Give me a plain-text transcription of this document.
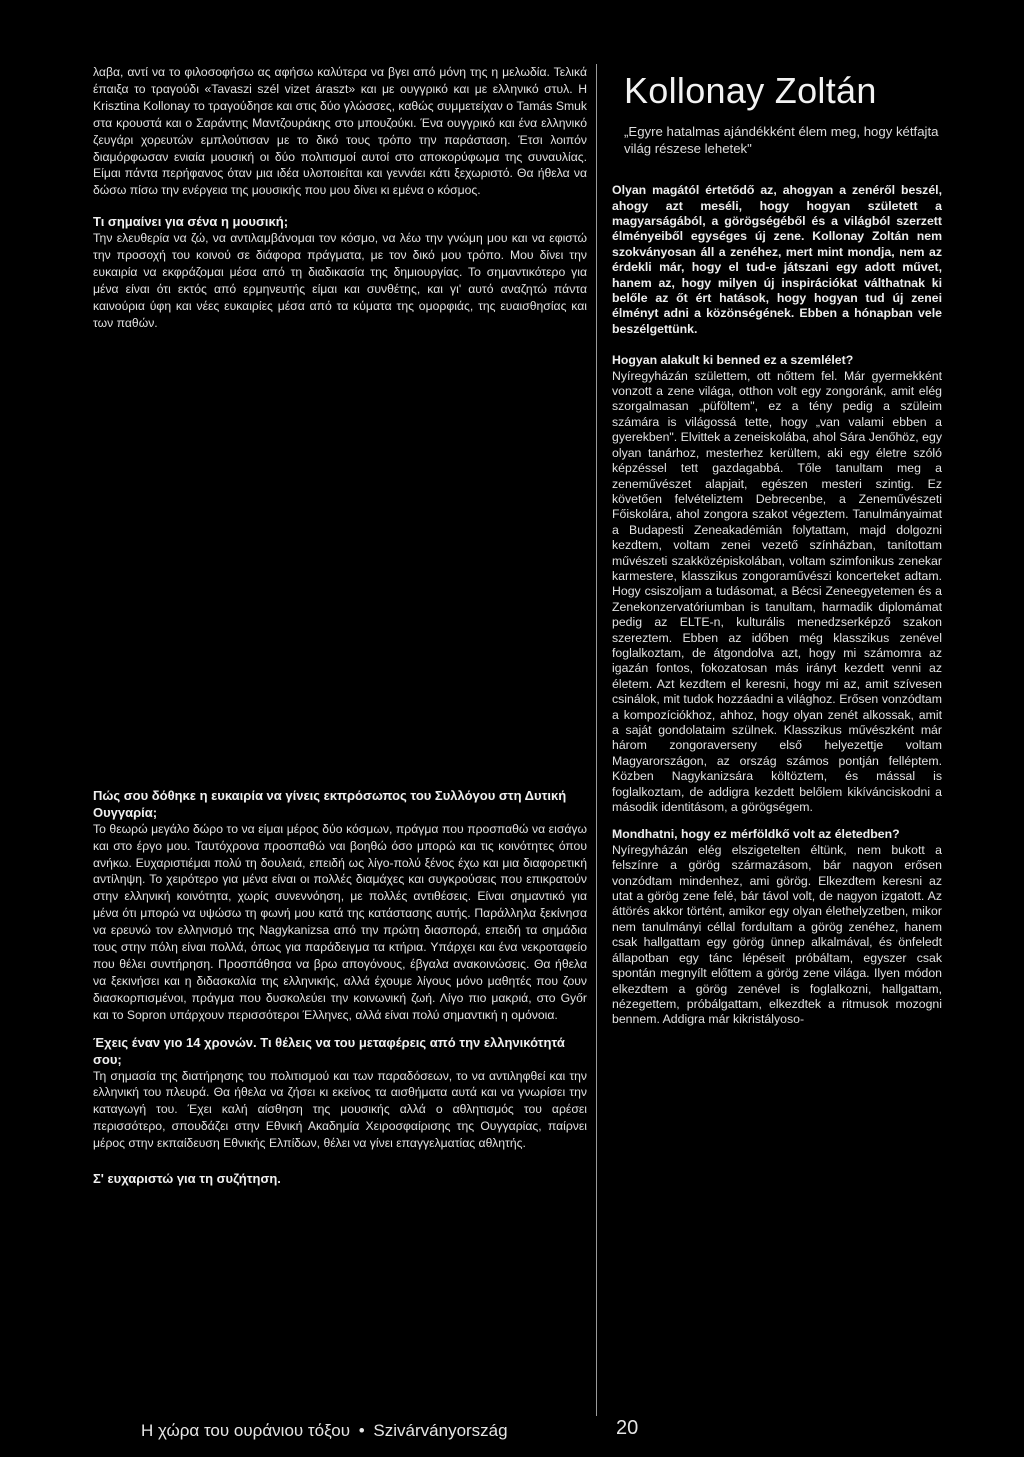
λαβα, αντί να το φιλοσοφήσω ας αφήσω καλύτερα να βγει από μόνη της η μελωδία. Τελικά έπαιξα το τραγούδι «Tavaszi szél vizet áraszt» και με ουγγρικό και με ελληνικό στυλ. Η Krisztina Kollonay το τραγούδησε και στις δύο γλώσσες, καθώς συμμετείχαν ο Tamás Smuk στα κρουστά και ο Σαράντης Μαντζουράκης στο μπουζούκι. Ένα ουγγρικό και ένα ελληνικό ζευγάρι χορευτών εμπλούτισαν με το δικό τους τρόπο την παράσταση. Έτσι λοιπόν διαμόρφωσαν ενιαία μουσική οι δύο πολιτισμοί αυτοί στο αποκορύφωμα της συναυλίας. Είμαι πάντα περήφανος όταν μια ιδέα υλοποιείται και γεννάει κάτι ξεχωριστό. Θα ήθελα να δώσω πίσω την ενέργεια της μουσικής που μου δίνει κι εμένα ο κόσμος.

Τι σημαίνει για σένα η μουσική;

Την ελευθερία να ζώ, να αντιλαμβάνομαι τον κόσμο, να λέω την γνώμη μου και να εφιστώ την προσοχή του κοινού σε διάφορα πράγματα, με τον δικό μου τρόπο. Μου δίνει την ευκαιρία να εκφράζομαι μέσα από τη διαδικασία της δημιουργίας. Το σημαντικότερο για μένα είναι ότι εκτός από ερμηνευτής είμαι και συνθέτης, και γι' αυτό αναζητώ πάντα καινούρια ύφη και νέες ευκαιρίες μέσα από τα κύματα της ομορφιάς, της ευαισθησίας και των παθών.

Πώς σου δόθηκε η ευκαιρία να γίνεις εκπρόσωπος του Συλλόγου στη Δυτική Ουγγαρία;

Το θεωρώ μεγάλο δώρο το να είμαι μέρος δύο κόσμων, πράγμα που προσπαθώ να εισάγω και στο έργο μου. Ταυτόχρονα προσπαθώ ναι βοηθώ όσο μπορώ και τις κοινότητες όπου ανήκω. Ευχαριστιέμαι πολύ τη δουλειά, επειδή ως λίγο-πολύ ξένος έχω και μια διαφορετική αντίληψη. Το χειρότερο για μένα είναι οι πολλές διαμάχες και συγκρούσεις που επικρατούν στην ελληνική κοινότητα, χωρίς συνεννόηση, με πολλές αντιθέσεις. Είναι σημαντικό για μένα ότι μπορώ να υψώσω τη φωνή μου κατά της κατάστασης αυτής. Παράλληλα ξεκίνησα να ερευνώ τον ελληνισμό της Nagykanizsa από την πρώτη διασπορά, επειδή τα σημάδια τους στην πόλη είναι πολλά, όπως για παράδειγμα τα κτήρια. Υπάρχει και ένα νεκροταφείο που θέλει συντήρηση. Προσπάθησα να βρω απογόνους, έβγαλα ανακοινώσεις. Θα ήθελα να ξεκινήσει και η διδασκαλία της ελληνικής, αλλά έχουμε λίγους μόνο μαθητές που ζουν διασκορπισμένοι, πράγμα που δυσκολεύει την κοινωνική ζωή. Λίγο πιο μακριά, στο Győr και το Sopron υπάρχουν περισσότεροι Έλληνες, αλλά είναι πολύ σημαντική η ομόνοια.

Έχεις έναν γιο 14 χρονών. Τι θέλεις να του μεταφέρεις από την ελληνικότητά σου;

Τη σημασία της διατήρησης του πολιτισμού και των παραδόσεων, το να αντιληφθεί και την ελληνική του πλευρά. Θα ήθελα να ζήσει κι εκείνος τα αισθήματα αυτά και να γνωρίσει την καταγωγή του. Έχει καλή αίσθηση της μουσικής αλλά ο αθλητισμός του αρέσει περισσότερο, σπουδάζει στην Εθνική Ακαδημία Χειροσφαίρισης της Ουγγαρίας, παίρνει μέρος στην εκπαίδευση Εθνικής Ελπίδων, θέλει να γίνει επαγγελματίας αθλητής.

Σ' ευχαριστώ για τη συζήτηση.
Kollonay Zoltán
„Egyre hatalmas ajándékként élem meg, hogy kétfajta világ részese lehetek"

Olyan magától értetődő az, ahogyan a zenéről beszél, ahogy azt meséli, hogy hogyan született a magyarságából, a görögségéből és a világból szerzett élményeiből egységes új zene. Kollonay Zoltán nem szokványosan áll a zenéhez, mert mint mondja, nem az érdekli már, hogy el tud-e játszani egy adott művet, hanem az, hogy milyen új inspirációkat válthatnak ki belőle az őt ért hatások, hogy hogyan tud új zenei élményt adni a közönségének. Ebben a hónapban vele beszélgettünk.

Hogyan alakult ki benned ez a szemlélet?

Nyíregyházán születtem, ott nőttem fel. Már gyermekként vonzott a zene világa, otthon volt egy zongoránk, amit elég szorgalmasan „püföltem", ez a tény pedig a szüleim számára is világossá tette, hogy „van valami ebben a gyerekben". Elvittek a zeneiskolába, ahol Sára Jenőhöz, egy olyan tanárhoz, mesterhez kerültem, aki egy életre szóló képzéssel tett gazdagabbá. Tőle tanultam meg a zeneművészet alapjait, egészen mesteri szintig. Ez követően felvételiztem Debrecenbe, a Zeneművészeti Főiskolára, ahol zongora szakot végeztem. Tanulmányaimat a Budapesti Zeneakadémián folytattam, majd dolgozni kezdtem, voltam zenei vezető színházban, tanítottam művészeti szakközépiskolában, voltam szimfonikus zenekar karmestere, klasszikus zongoraművészi koncerteket adtam. Hogy csiszoljam a tudásomat, a Bécsi Zeneegyetemen és a Zenekonzervatóriumban is tanultam, harmadik diplomámat pedig az ELTE-n, kulturális menedzserképző szakon szereztem. Ebben az időben még klasszikus zenével foglalkoztam, de átgondolva azt, hogy mi számomra az igazán fontos, fokozatosan más irányt kezdett venni az életem. Azt kezdtem el keresni, hogy mi az, amit szívesen csinálok, mit tudok hozzáadni a világhoz. Erősen vonzódtam a kompozíciókhoz, ahhoz, hogy olyan zenét alkossak, amit a saját gondolataim szülnek. Klasszikus művészként már három zongoraverseny első helyezettje voltam Magyarországon, az ország számos pontján felléptem. Közben Nagykanizsára költöztem, és mással is foglalkoztam, de addigra kezdett belőlem kikívánciskodni a második identitásom, a görögségem.

Mondhatni, hogy ez mérföldkő volt az életedben?

Nyíregyházán elég elszigetelten éltünk, nem bukott a felszínre a görög származásom, bár nagyon erősen vonzódtam mindenhez, ami görög. Elkezdtem keresni az utat a görög zene felé, bár távol volt, de nagyon izgatott. Az áttörés akkor történt, amikor egy olyan élethelyzetben, mikor nem tanulmányi céllal fordultam a görög zenéhez, hanem csak hallgattam egy görög ünnep alkalmával, és önfeledt állapotban egy tánc lépéseit próbáltam, egyszer csak spontán megnyílt előttem a görög zene világa. Ilyen módon elkezdtem a görög zenével is foglalkozni, hallgattam, nézegettem, próbálgattam, elkezdtek a ritmusok mozogni bennem. Addigra már kikristályoso-

Η χώρα του ουράνιου τόξου • Szivárványország	20
